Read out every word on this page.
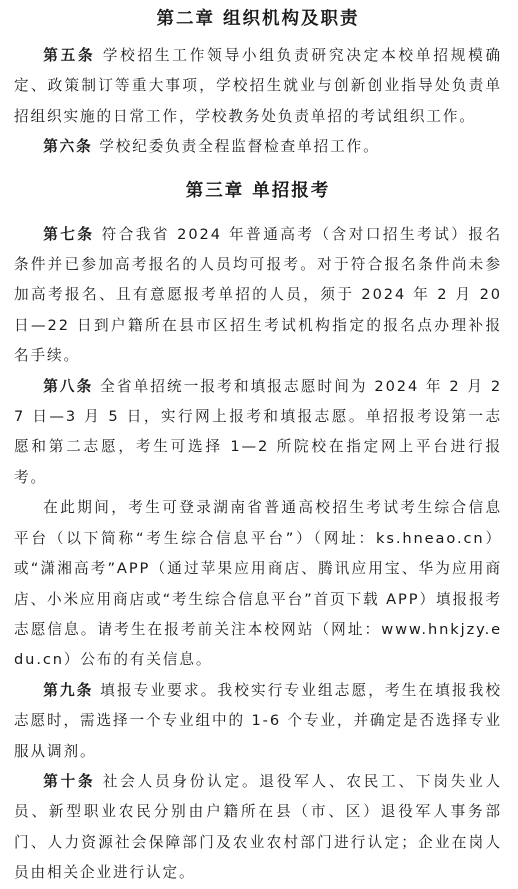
第二章 组织机构及职责

第五条 学校招生工作领导小组负责研究决定本校单招规模确定、政策制订等重大事项，学校招生就业与创新创业指导处负责单招组织实施的日常工作，学校教务处负责单招的考试组织工作。

第六条 学校纪委负责全程监督检查单招工作。

第三章 单招报考

第七条 符合我省 2024 年普通高考（含对口招生考试）报名条件并已参加高考报名的人员均可报考。对于符合报名条件尚未参加高考报名、且有意愿报考单招的人员，须于 2024 年 2 月 20 日—22 日到户籍所在县市区招生考试机构指定的报名点办理补报名手续。

第八条 全省单招统一报考和填报志愿时间为 2024 年 2 月 27 日—3 月 5 日，实行网上报考和填报志愿。单招报考设第一志愿和第二志愿，考生可选择 1—2 所院校在指定网上平台进行报考。

在此期间，考生可登录湖南省普通高校招生考试考生综合信息平台（以下简称“考生综合信息平台”）（网址：ks.hneao.cn）或“潇湘高考”APP（通过苹果应用商店、腾讯应用宝、华为应用商店、小米应用商店或“考生综合信息平台”首页下载 APP）填报报考志愿信息。请考生在报考前关注本校网站（网址：www.hnkjzy.edu.cn）公布的有关信息。

第九条 填报专业要求。我校实行专业组志愿，考生在填报我校志愿时，需选择一个专业组中的 1-6 个专业，并确定是否选择专业服从调剂。

第十条 社会人员身份认定。退役军人、农民工、下岗失业人员、新型职业农民分别由户籍所在县（市、区）退役军人事务部门、人力资源社会保障部门及农业农村部门进行认定；企业在岗人员由相关企业进行认定。
